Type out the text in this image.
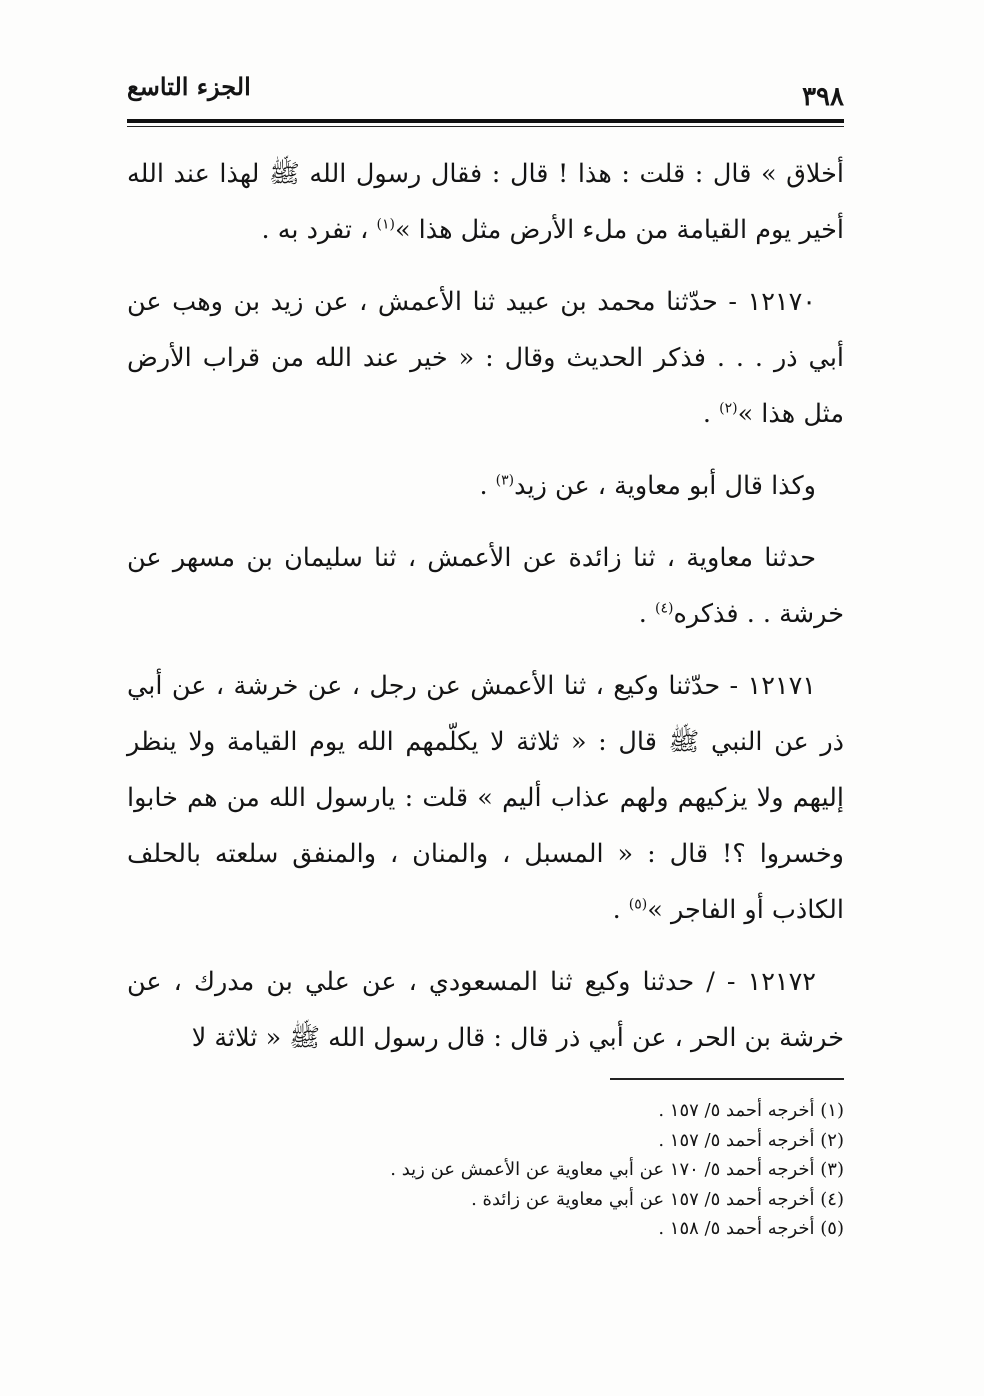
٣٩٨
الجزء التاسع

أخلاق » قال : قلت : هذا ! قال : فقال رسول الله ﷺ لهذا عند الله أخير يوم القيامة من ملء الأرض مثل هذا »$^{(١)}$ ، تفرد به .

١٢١٧٠ - حدّثنا محمد بن عبيد ثنا الأعمش ، عن زيد بن وهب عن أبي ذر . . . فذكر الحديث وقال : « خير عند الله من قراب الأرض مثل هذا »$^{(٢)}$ .

وكذا قال أبو معاوية ، عن زيد$^{(٣)}$ .

حدثنا معاوية ، ثنا زائدة عن الأعمش ، ثنا سليمان بن مسهر عن خرشة . . فذكره$^{(٤)}$ .

١٢١٧١ - حدّثنا وكيع ، ثنا الأعمش عن رجل ، عن خرشة ، عن أبي ذر عن النبي ﷺ قال : « ثلاثة لا يكلّمهم الله يوم القيامة ولا ينظر إليهم ولا يزكيهم ولهم عذاب أليم » قلت : يارسول الله من هم خابوا وخسروا ؟! قال : « المسبل ، والمنان ، والمنفق سلعته بالحلف الكاذب أو الفاجر »$^{(٥)}$ .

١٢١٧٢ - / حدثنا وكيع ثنا المسعودي ، عن علي بن مدرك ، عن خرشة بن الحر ، عن أبي ذر قال : قال رسول الله ﷺ « ثلاثة لا

(١) أخرجه أحمد ٥/ ١٥٧ .

(٢) أخرجه أحمد ٥/ ١٥٧ .

(٣) أخرجه أحمد ٥/ ١٧٠ عن أبي معاوية عن الأعمش عن زيد .

(٤) أخرجه أحمد ٥/ ١٥٧ عن أبي معاوية عن زائدة .

(٥) أخرجه أحمد ٥/ ١٥٨ .
